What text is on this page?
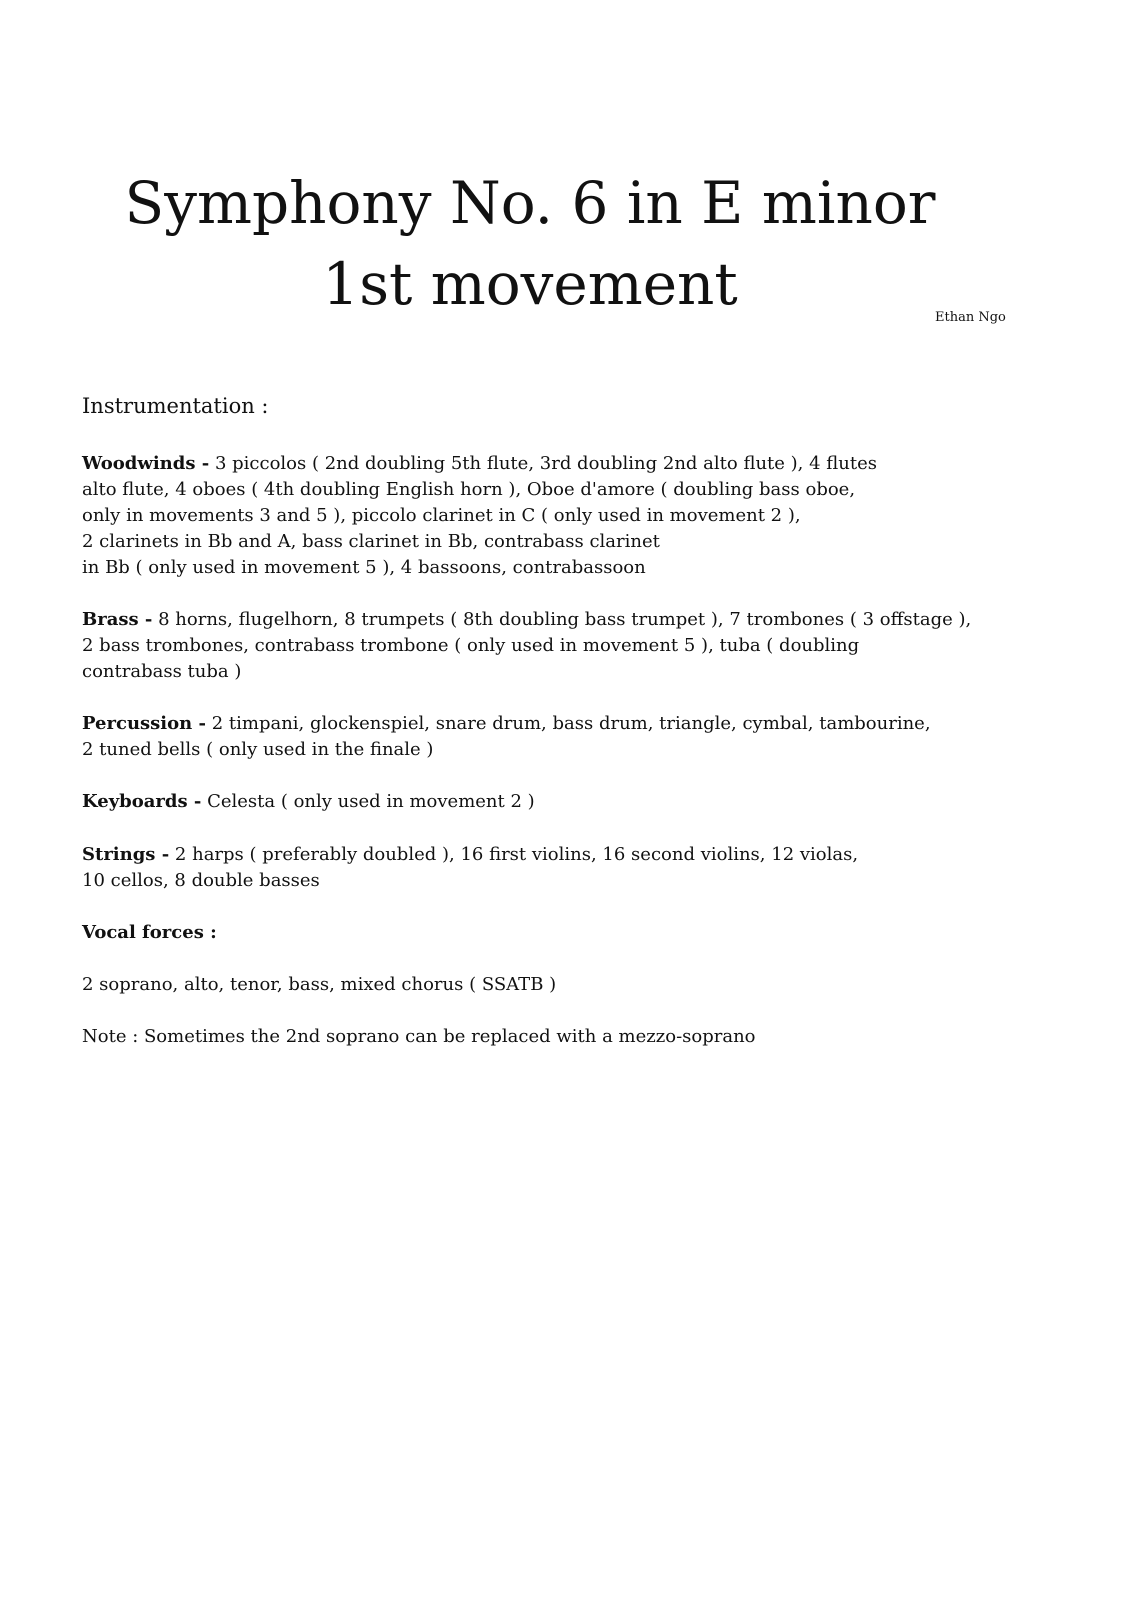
Symphony No. 6 in E minor
1st movement	Ethan Ngo
Instrumentation :
Woodwinds - 3 piccolos ( 2nd doubling 5th flute, 3rd doubling 2nd alto flute ), 4 flutes
alto flute, 4 oboes ( 4th doubling English horn ), Oboe d'amore ( doubling bass oboe,
only in movements 3 and 5 ), piccolo clarinet in C ( only used in movement 2 ),
2 clarinets in Bb and A, bass clarinet in Bb, contrabass clarinet
in Bb ( only used in movement 5 ), 4 bassoons, contrabassoon
Brass - 8 horns, flugelhorn, 8 trumpets ( 8th doubling bass trumpet ), 7 trombones ( 3 offstage ),
2 bass trombones, contrabass trombone ( only used in movement 5 ), tuba ( doubling
contrabass tuba )
Percussion - 2 timpani, glockenspiel, snare drum, bass drum, triangle, cymbal, tambourine,
2 tuned bells ( only used in the finale )
Keyboards - Celesta ( only used in movement 2 )
Strings - 2 harps ( preferably doubled ), 16 first violins, 16 second violins, 12 violas,
10 cellos, 8 double basses
Vocal forces :
2 soprano, alto, tenor, bass, mixed chorus ( SSATB )
Note : Sometimes the 2nd soprano can be replaced with a mezzo-soprano
